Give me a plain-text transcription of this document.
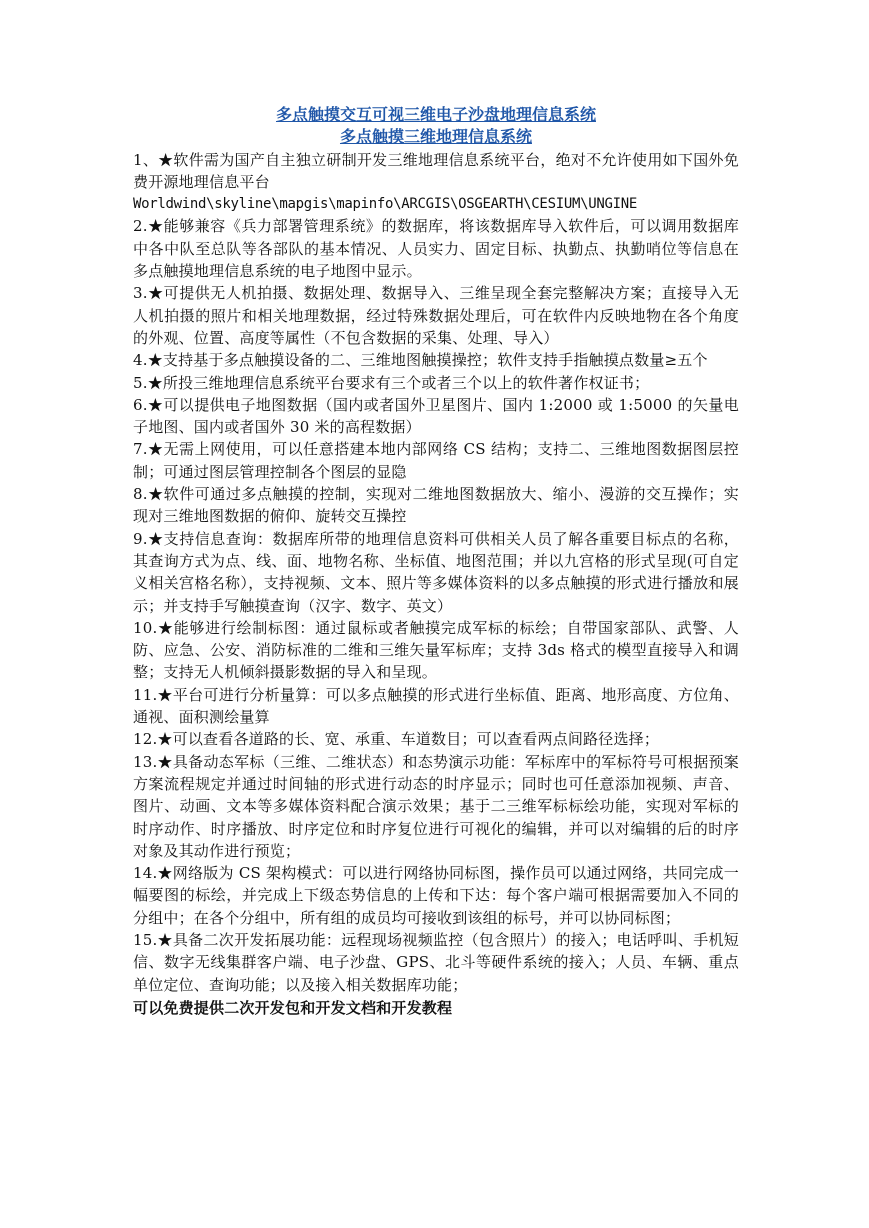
多点触摸交互可视三维电子沙盘地理信息系统
多点触摸三维地理信息系统

1、★软件需为国产自主独立研制开发三维地理信息系统平台，绝对不允许使用如下国外免费开源地理信息平台

Worldwind\skyline\mapgis\mapinfo\ARCGIS\OSGEARTH\CESIUM\UNGINE

2.★能够兼容《兵力部署管理系统》的数据库，将该数据库导入软件后，可以调用数据库中各中队至总队等各部队的基本情况、人员实力、固定目标、执勤点、执勤哨位等信息在多点触摸地理信息系统的电子地图中显示。

3.★可提供无人机拍摄、数据处理、数据导入、三维呈现全套完整解决方案；直接导入无人机拍摄的照片和相关地理数据，经过特殊数据处理后，可在软件内反映地物在各个角度的外观、位置、高度等属性（不包含数据的采集、处理、导入）

4.★支持基于多点触摸设备的二、三维地图触摸操控；软件支持手指触摸点数量≥五个

5.★所投三维地理信息系统平台要求有三个或者三个以上的软件著作权证书；

6.★可以提供电子地图数据（国内或者国外卫星图片、国内 1:2000 或 1:5000 的矢量电子地图、国内或者国外 30 米的高程数据）

7.★无需上网使用，可以任意搭建本地内部网络 CS 结构；支持二、三维地图数据图层控制；可通过图层管理控制各个图层的显隐

8.★软件可通过多点触摸的控制，实现对二维地图数据放大、缩小、漫游的交互操作；实现对三维地图数据的俯仰、旋转交互操控

9.★支持信息查询：数据库所带的地理信息资料可供相关人员了解各重要目标点的名称，其查询方式为点、线、面、地物名称、坐标值、地图范围；并以九宫格的形式呈现(可自定义相关宫格名称），支持视频、文本、照片等多媒体资料的以多点触摸的形式进行播放和展示；并支持手写触摸查询（汉字、数字、英文）

10.★能够进行绘制标图：通过鼠标或者触摸完成军标的标绘；自带国家部队、武警、人防、应急、公安、消防标准的二维和三维矢量军标库；支持 3ds 格式的模型直接导入和调整；支持无人机倾斜摄影数据的导入和呈现。

11.★平台可进行分析量算：可以多点触摸的形式进行坐标值、距离、地形高度、方位角、通视、面积测绘量算

12.★可以查看各道路的长、宽、承重、车道数目；可以查看两点间路径选择；

13.★具备动态军标（三维、二维状态）和态势演示功能：军标库中的军标符号可根据预案方案流程规定并通过时间轴的形式进行动态的时序显示；同时也可任意添加视频、声音、图片、动画、文本等多媒体资料配合演示效果；基于二三维军标标绘功能，实现对军标的时序动作、时序播放、时序定位和时序复位进行可视化的编辑，并可以对编辑的后的时序对象及其动作进行预览；

14.★网络版为 CS 架构模式：可以进行网络协同标图，操作员可以通过网络，共同完成一幅要图的标绘，并完成上下级态势信息的上传和下达：每个客户端可根据需要加入不同的分组中；在各个分组中，所有组的成员均可接收到该组的标号，并可以协同标图；

15.★具备二次开发拓展功能：远程现场视频监控（包含照片）的接入；电话呼叫、手机短信、数字无线集群客户端、电子沙盘、GPS、北斗等硬件系统的接入；人员、车辆、重点单位定位、查询功能；以及接入相关数据库功能；

可以免费提供二次开发包和开发文档和开发教程
